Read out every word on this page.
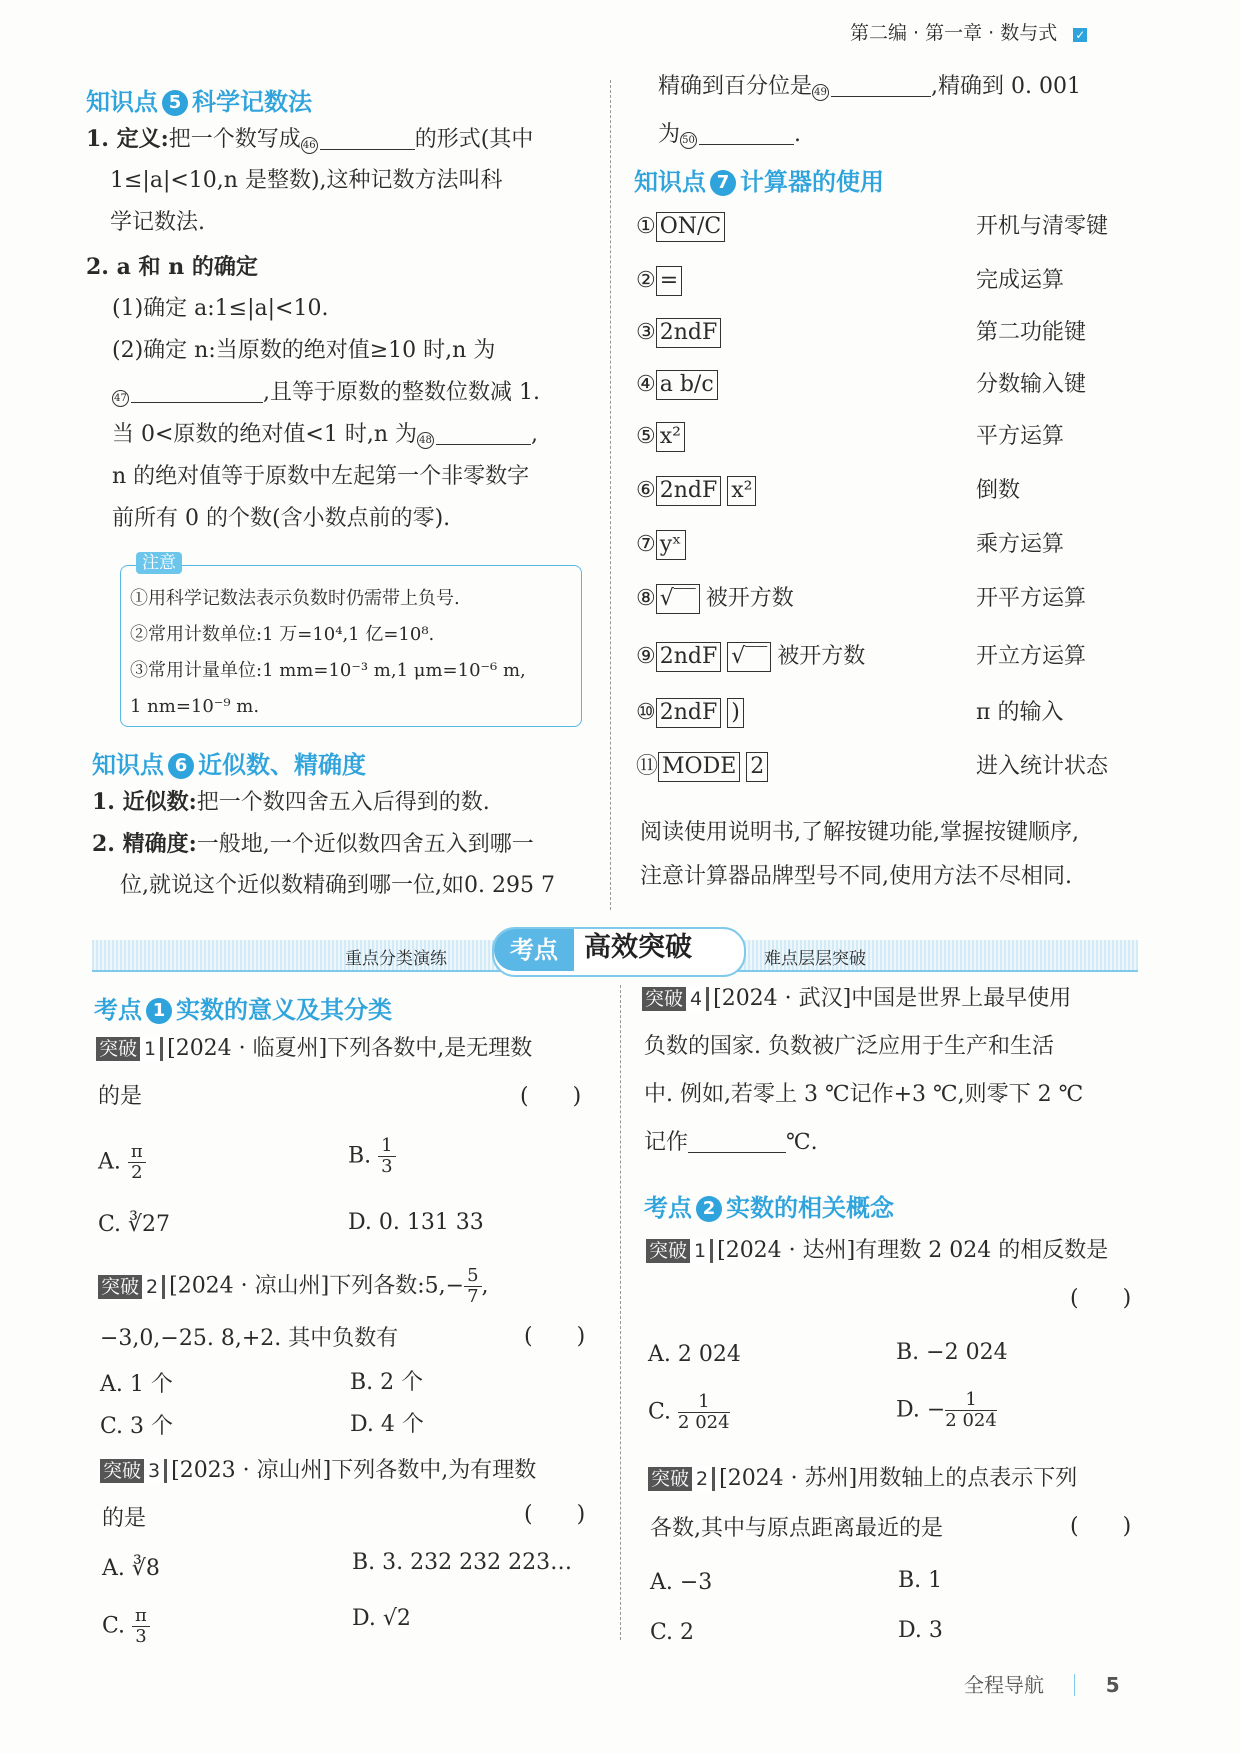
第二编 · 第一章 · 数与式 ✓
知识点 5 科学记数法
1. 定义:把一个数写成 46	的形式(其中
1≤|a|<10,n 是整数),这种记数方法叫科
学记数法.
2. a 和 n 的确定
(1)确定 a:1≤|a|<10.
(2)确定 n:当原数的绝对值≥10 时,n 为
47	,且等于原数的整数位数减 1.
当 0<原数的绝对值<1 时,n 为 48	,
n 的绝对值等于原数中左起第一个非零数字
前所有 0 的个数(含小数点前的零).
注意
①用科学记数法表示负数时仍需带上负号.
②常用计数单位:1 万=10⁴,1 亿=10⁸.
③常用计量单位:1 mm=10⁻³ m,1 μm=10⁻⁶ m,
1 nm=10⁻⁹ m.
知识点 6 近似数、精确度
1. 近似数:把一个数四舍五入后得到的数.
2. 精确度:一般地,一个近似数四舍五入到哪一
位,就说这个近似数精确到哪一位,如0. 295 7
精确到百分位是 49	,精确到 0. 001
为 50	.
知识点 7 计算器的使用
① ON/C	开机与清零键
② =	完成运算
③ 2ndF	第二功能键
④ a b/c	分数输入键
⑤ x²	平方运算
⑥ 2ndF x²	倒数
⑦ yˣ	乘方运算
⑧ √‾‾ 被开方数	开平方运算
⑨ 2ndF √‾‾ 被开方数	开立方运算
⑩ 2ndF )	π 的输入
⑪ MODE 2	进入统计状态
阅读使用说明书,了解按键功能,掌握按键顺序,
注意计算器品牌型号不同,使用方法不尽相同.
重点分类演练	考点 高效突破	难点层层突破
考点 1 实数的意义及其分类
突破 1 [2024 · 临夏州]下列各数中,是无理数
的是	(　　)
A. $\frac{\pi}{2}$	B. $\frac{1}{3}$
C. ∛27	D. 0. 131 33
突破 2 [2024 · 凉山州]下列各数:5,− $\frac{5}{7}$ ,
−3,0,−25. 8,+2. 其中负数有	(　　)
A. 1 个	B. 2 个
C. 3 个	D. 4 个
突破 3 [2023 · 凉山州]下列各数中,为有理数
的是	(　　)
A. ∛8	B. 3. 232 232 223…
C. $\frac{\pi}{3}$	D. √2
突破 4 [2024 · 武汉]中国是世界上最早使用
负数的国家. 负数被广泛应用于生产和生活
中. 例如,若零上 3 ℃记作+3 ℃,则零下 2 ℃
记作	℃.
考点 2 实数的相关概念
突破 1 [2024 · 达州]有理数 2 024 的相反数是
(　　)
A. 2 024	B. −2 024
C. $\frac{1}{2 024}$	D. − $\frac{1}{2 024}$
突破 2 [2024 · 苏州]用数轴上的点表示下列
各数,其中与原点距离最近的是	(　　)
A. −3	B. 1
C. 2	D. 3
全程导航	5
